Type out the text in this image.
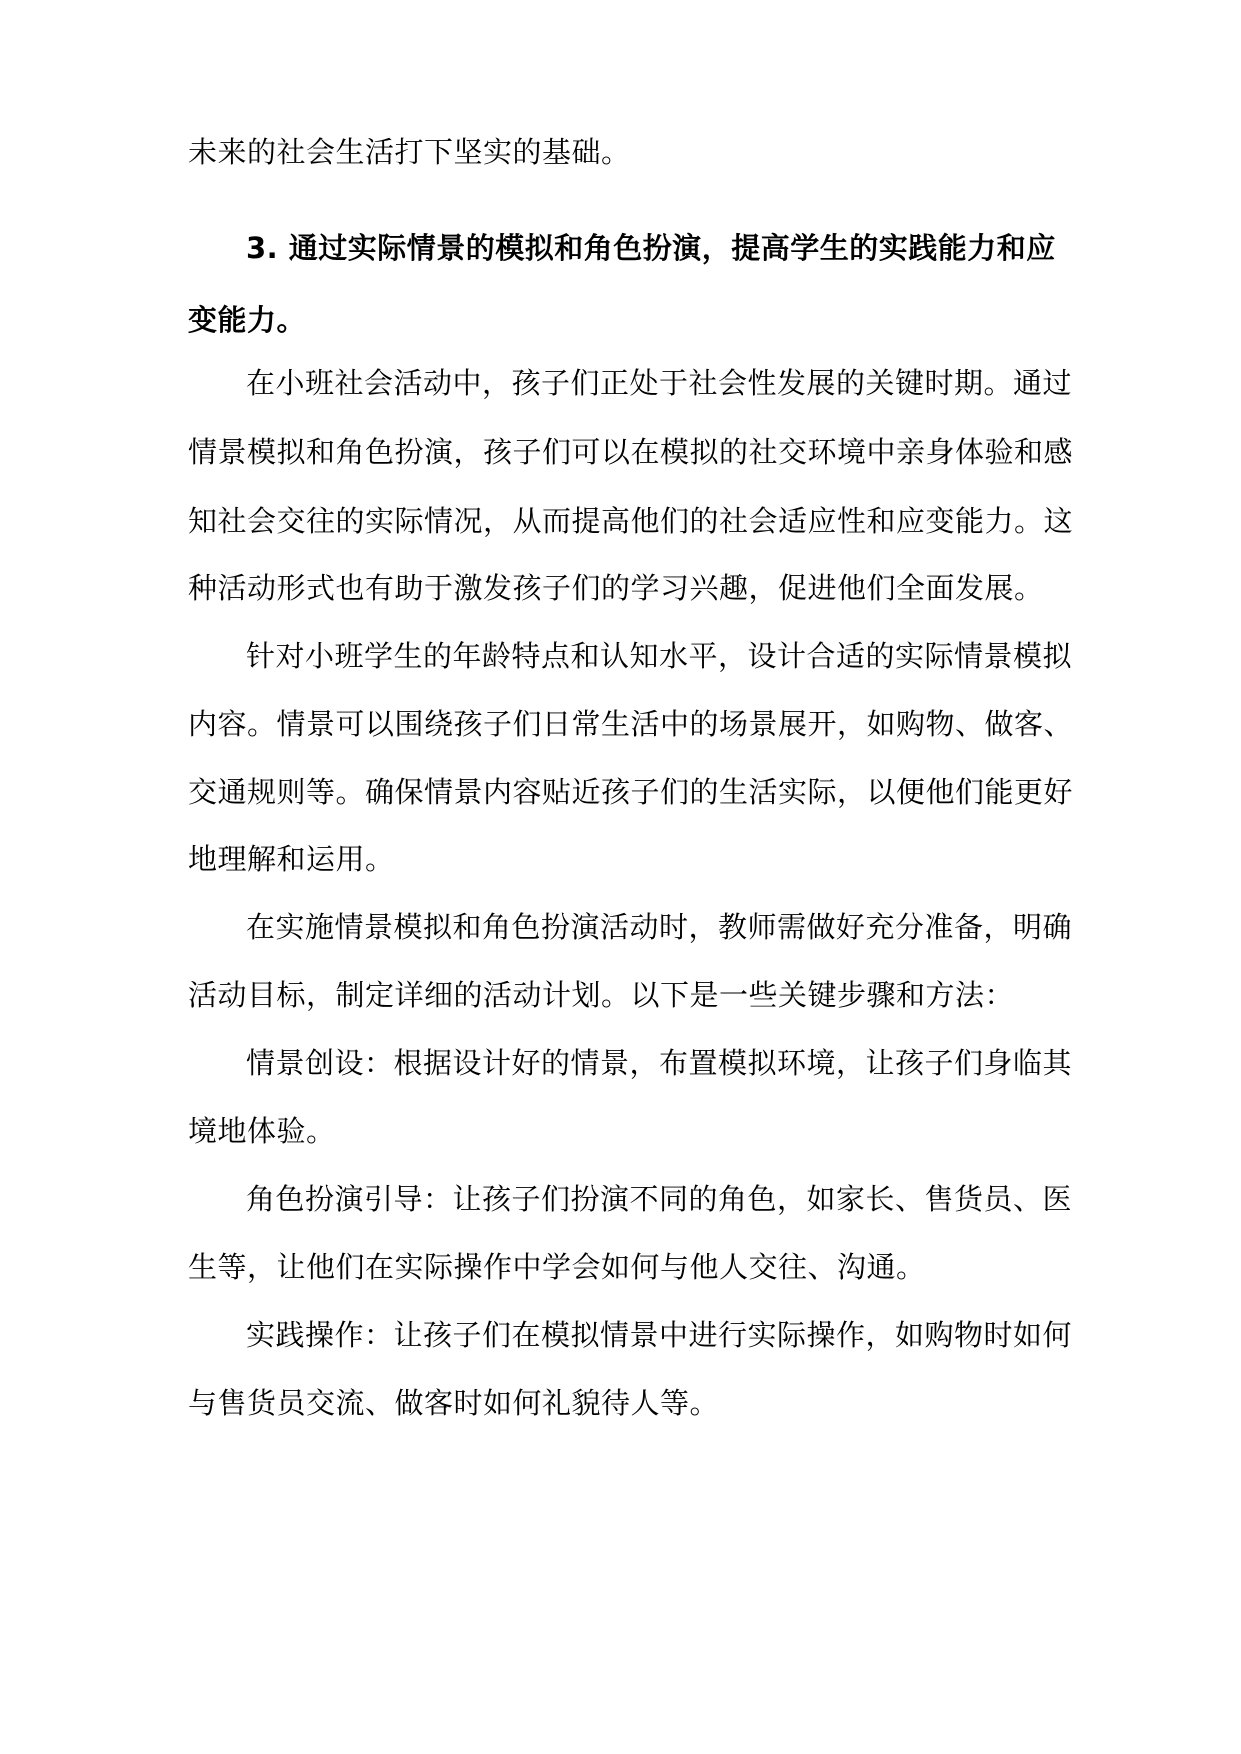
未来的社会生活打下坚实的基础。
3. 通过实际情景的模拟和角色扮演，提高学生的实践能力和应
变能力。
在小班社会活动中，孩子们正处于社会性发展的关键时期。通过
情景模拟和角色扮演，孩子们可以在模拟的社交环境中亲身体验和感
知社会交往的实际情况，从而提高他们的社会适应性和应变能力。这
种活动形式也有助于激发孩子们的学习兴趣，促进他们全面发展。
针对小班学生的年龄特点和认知水平，设计合适的实际情景模拟
内容。情景可以围绕孩子们日常生活中的场景展开，如购物、做客、
交通规则等。确保情景内容贴近孩子们的生活实际，以便他们能更好
地理解和运用。
在实施情景模拟和角色扮演活动时，教师需做好充分准备，明确
活动目标，制定详细的活动计划。以下是一些关键步骤和方法：
情景创设：根据设计好的情景，布置模拟环境，让孩子们身临其
境地体验。
角色扮演引导：让孩子们扮演不同的角色，如家长、售货员、医
生等，让他们在实际操作中学会如何与他人交往、沟通。
实践操作：让孩子们在模拟情景中进行实际操作，如购物时如何
与售货员交流、做客时如何礼貌待人等。
